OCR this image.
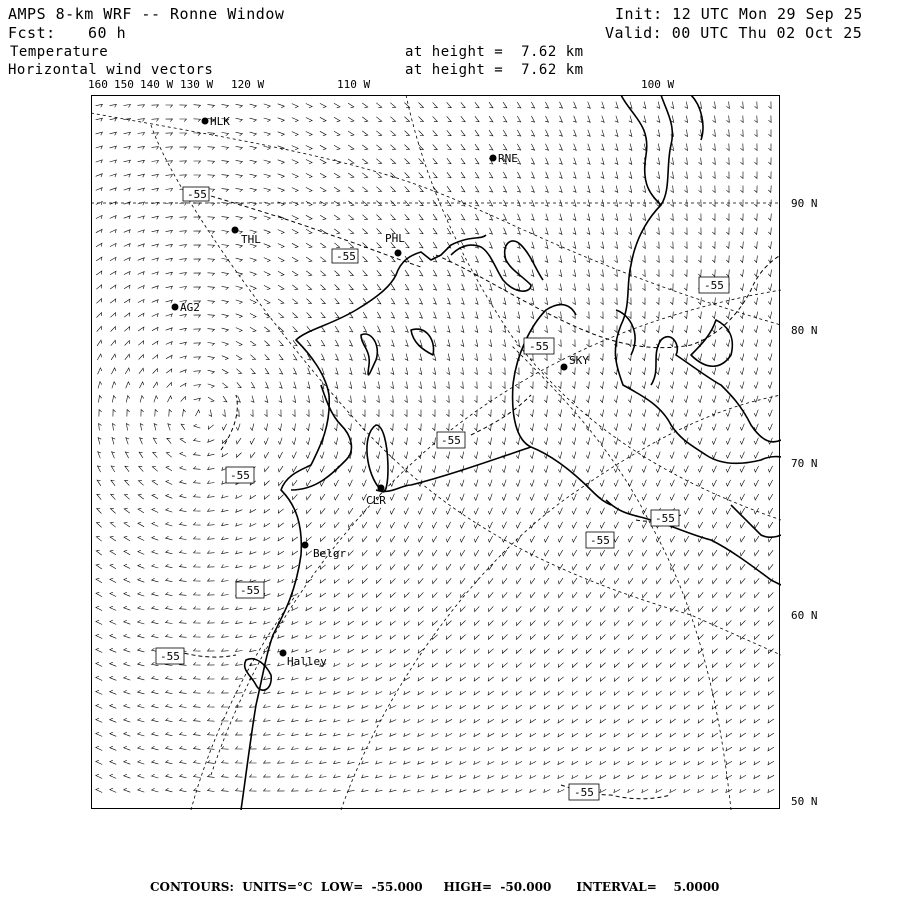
AMPS 8-km WRF -- Ronne Window	Init: 12 UTC Mon 29 Sep 25
Fcst: 60 h	Valid: 00 UTC Thu 02 Oct 25
Temperature
Horizontal wind vectors
at height =  7.62 km
at height =  7.62 km
160 150 140 W 130 W 120 W	110 W	100 W
90 N
80 N
70 N
60 N
50 N
-55
-55
-55
-55
-55
-55
-55
-55
-55
-55
-55
HLK
RNE
THL	PHL
AG2
SKY
CLR
Belgr
Halley
CONTOURS: UNITS=°C LOW=  -55.000 HIGH=  -50.000 INTERVAL=    5.0000
